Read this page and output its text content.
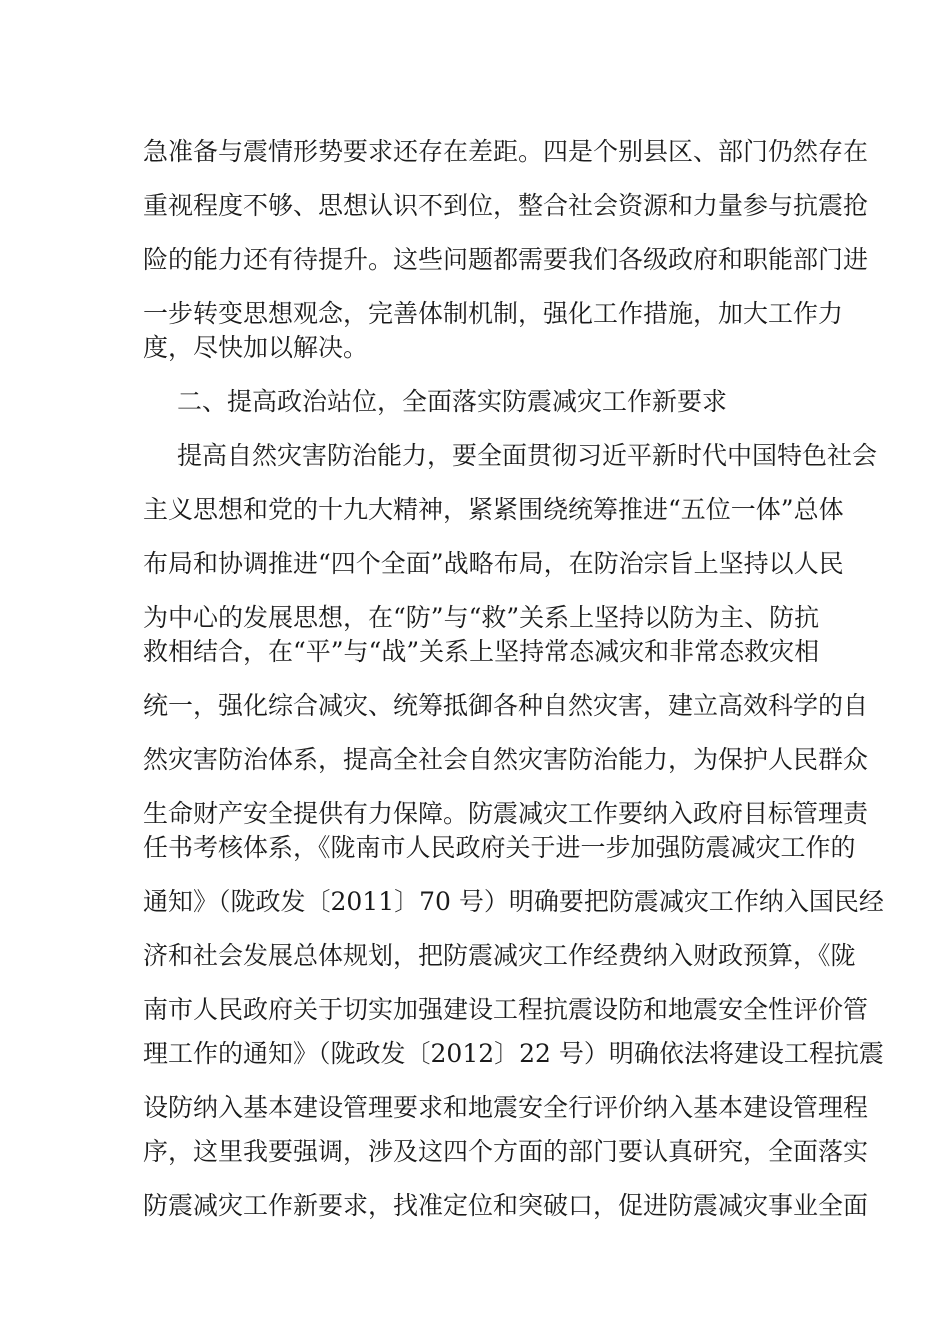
急准备与震情形势要求还存在差距。四是个别县区、部门仍然存在
重视程度不够、思想认识不到位，整合社会资源和力量参与抗震抢
险的能力还有待提升。这些问题都需要我们各级政府和职能部门进
一步转变思想观念，完善体制机制，强化工作措施，加大工作力
度，尽快加以解决。
二、提高政治站位，全面落实防震减灾工作新要求
提高自然灾害防治能力，要全面贯彻习近平新时代中国特色社会
主义思想和党的十九大精神，紧紧围绕统筹推进“五位一体”总体
布局和协调推进“四个全面”战略布局，在防治宗旨上坚持以人民
为中心的发展思想，在“防”与“救”关系上坚持以防为主、防抗
救相结合，在“平”与“战”关系上坚持常态减灾和非常态救灾相
统一，强化综合减灾、统筹抵御各种自然灾害，建立高效科学的自
然灾害防治体系，提高全社会自然灾害防治能力，为保护人民群众
生命财产安全提供有力保障。防震减灾工作要纳入政府目标管理责
任书考核体系，《陇南市人民政府关于进一步加强防震减灾工作的
通知》（陇政发〔2011〕70 号）明确要把防震减灾工作纳入国民经
济和社会发展总体规划，把防震减灾工作经费纳入财政预算，《陇
南市人民政府关于切实加强建设工程抗震设防和地震安全性评价管
理工作的通知》（陇政发〔2012〕22 号）明确依法将建设工程抗震
设防纳入基本建设管理要求和地震安全行评价纳入基本建设管理程
序，这里我要强调，涉及这四个方面的部门要认真研究，全面落实
防震减灾工作新要求，找准定位和突破口，促进防震减灾事业全面
